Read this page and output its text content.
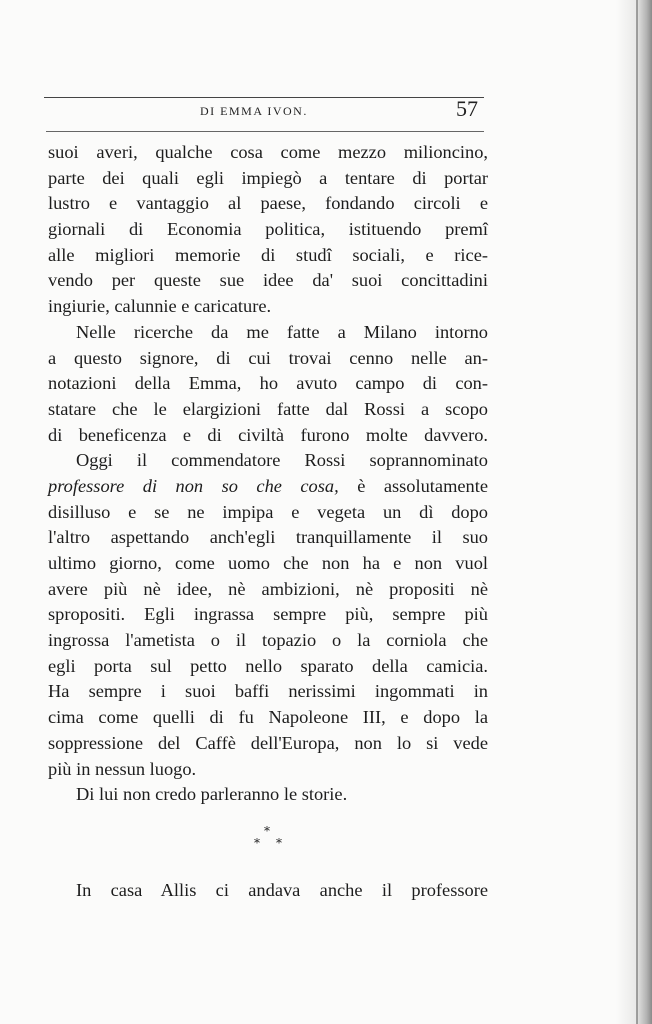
DI EMMA IVON.	57
suoi averi, qualche cosa come mezzo milioncino,
parte dei quali egli impiegò a tentare di portar
lustro e vantaggio al paese, fondando circoli e
giornali di Economia politica, istituendo premî
alle migliori memorie di studî sociali, e rice-
vendo per queste sue idee da' suoi concittadini
ingiurie, calunnie e caricature.
Nelle ricerche da me fatte a Milano intorno
a questo signore, di cui trovai cenno nelle an-
notazioni della Emma, ho avuto campo di con-
statare che le elargizioni fatte dal Rossi a scopo
di beneficenza e di civiltà furono molte davvero.
Oggi il commendatore Rossi soprannominato
professore di non so che cosa, è assolutamente
disilluso e se ne impipa e vegeta un dì dopo
l'altro aspettando anch'egli tranquillamente il suo
ultimo giorno, come uomo che non ha e non vuol
avere più nè idee, nè ambizioni, nè propositi nè
spropositi. Egli ingrassa sempre più, sempre più
ingrossa l'ametista o il topazio o la corniola che
egli porta sul petto nello sparato della camicia.
Ha sempre i suoi baffi nerissimi ingommati in
cima come quelli di fu Napoleone III, e dopo la
soppressione del Caffè dell'Europa, non lo si vede
più in nessun luogo.
Di lui non credo parleranno le storie.
*
* *
In casa Allis ci andava anche il professore
